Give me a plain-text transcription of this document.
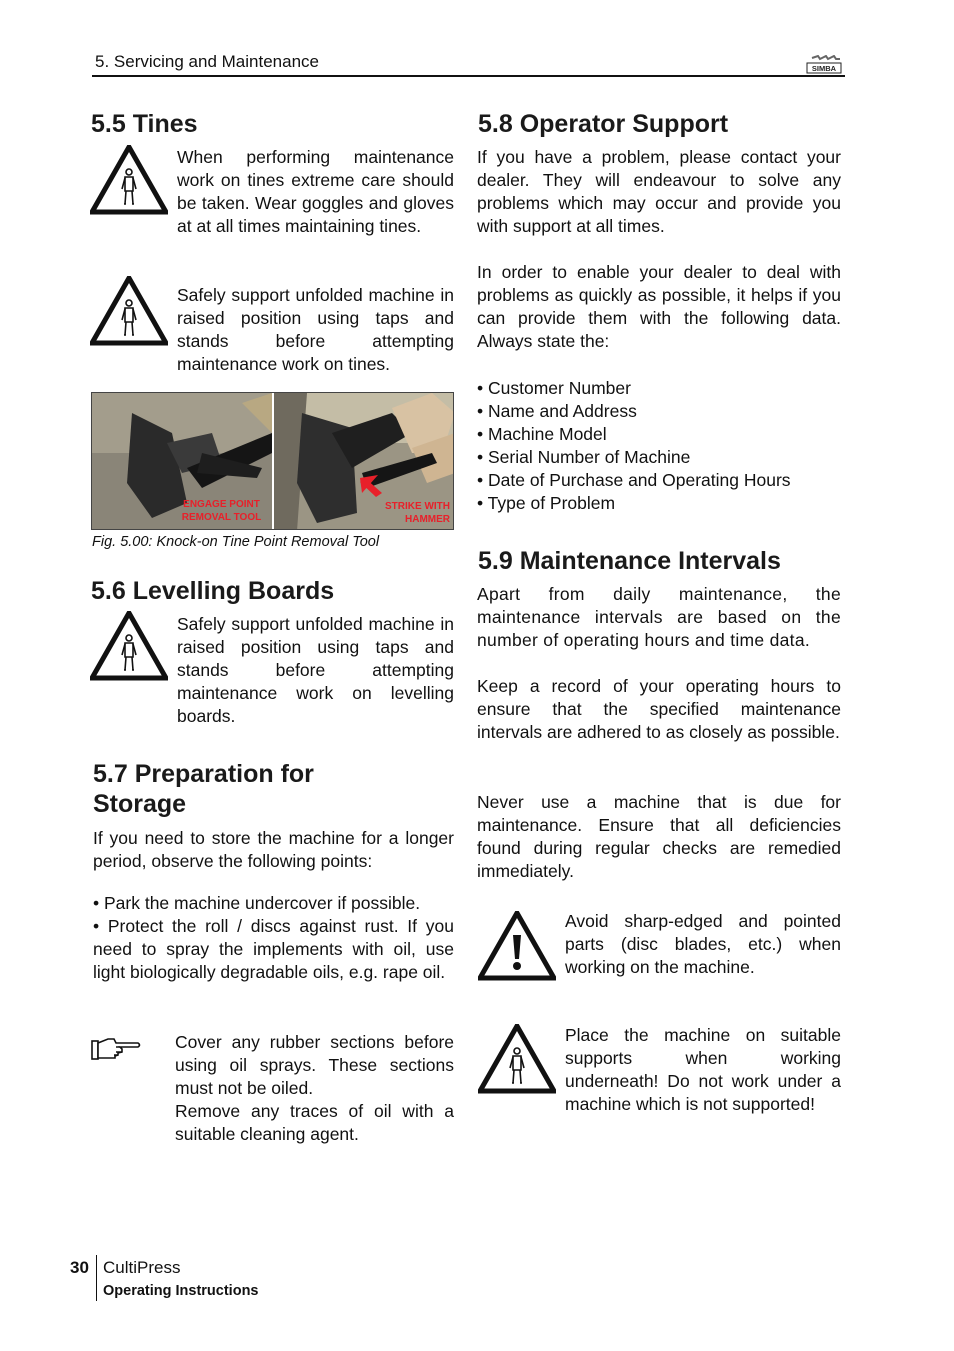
5. Servicing and Maintenance	SIMBA
5.5 Tines

When performing maintenance work on tines extreme care should be taken. Wear goggles and gloves at at all times maintaining tines.

Safely support unfolded machine in raised position using taps and stands before attempting maintenance work on tines.

ENGAGE POINT REMOVAL TOOL
STRIKE WITH HAMMER
Fig. 5.00: Knock-on Tine Point Removal Tool
5.6 Levelling Boards

Safely support unfolded machine in raised position using taps and stands before attempting maintenance work on levelling boards.

5.7 Preparation for
Storage

If you need to store the machine for a longer period, observe the following points:

• Park the machine undercover if possible.

• Protect the roll / discs against rust. If you need to spray the implements with oil, use light biologically degradable oils, e.g. rape oil.

Cover any rubber sections before using oil sprays. These sections must not be oiled.

Remove any traces of oil with a suitable cleaning agent.

5.8 Operator Support

If you have a problem, please contact your dealer. They will endeavour to solve any problems which may occur and provide you with support at all times.

In order to enable your dealer to deal with problems as quickly as possible, it helps if you can provide them with the following data. Always state the:

• Customer Number
• Name and Address
• Machine Model
• Serial Number of Machine
• Date of Purchase and Operating Hours
• Type of Problem
5.9 Maintenance Intervals

Apart from daily maintenance, the maintenance intervals are based on the number of operating hours and time data.

Keep a record of your operating hours to ensure that the specified maintenance intervals are adhered to as closely as possible.

Never use a machine that is due for maintenance. Ensure that all deficiencies found during regular checks are remedied immediately.

Avoid sharp-edged and pointed parts (disc blades, etc.) when working on the machine.

Place the machine on suitable supports when working underneath! Do not work under a machine which is not supported!

30 CultiPress
Operating Instructions
